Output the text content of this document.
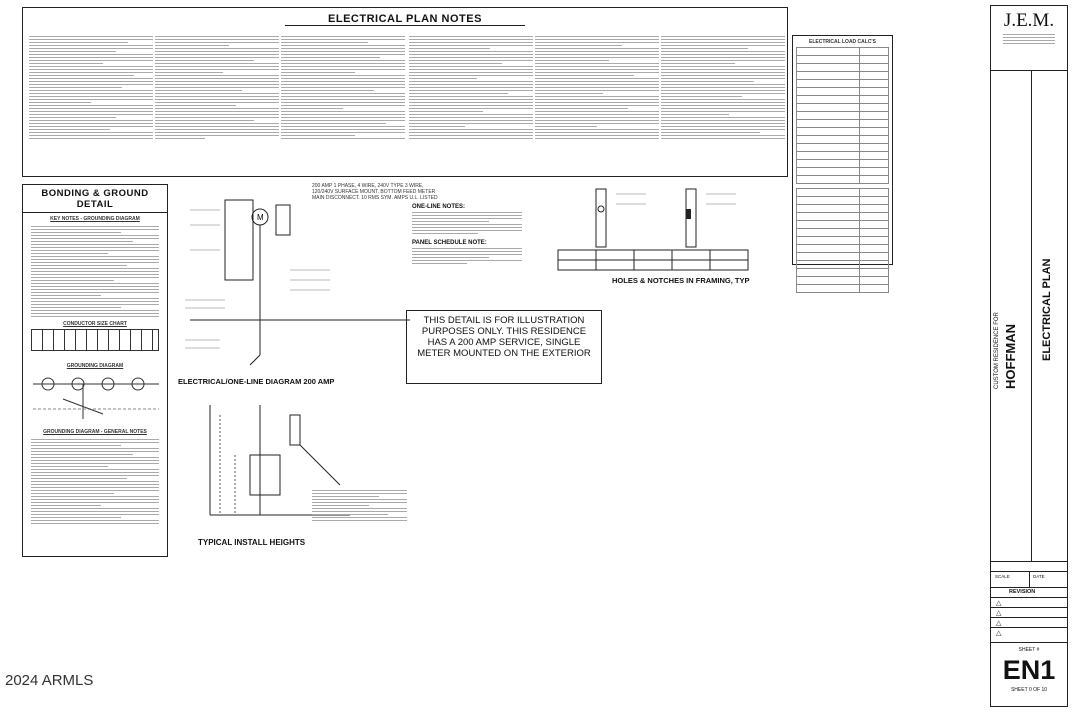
ELECTRICAL PLAN NOTES
BONDING & GROUND DETAIL
KEY NOTES - GROUNDING DIAGRAM
CONDUCTOR SIZE CHART
GROUNDING DIAGRAM
GROUNDING DIAGRAM - GENERAL NOTES
M
200 AMP 1 PHASE, 4 WIRE, 240V TYPE 3 WIRE, 120/240V SURFACE MOUNT. BOTTOM FEED METER MAIN DISCONNECT. 10 RMS SYM. AMPS U.L. LISTED
ELECTRICAL/ONE-LINE DIAGRAM 200 AMP
ONE-LINE NOTES:
PANEL SCHEDULE NOTE:
THIS DETAIL IS FOR ILLUSTRATION PURPOSES ONLY. THIS RESIDENCE HAS A 200 AMP SERVICE, SINGLE METER MOUNTED ON THE EXTERIOR
HOLES & NOTCHES IN FRAMING, TYP
TYPICAL INSTALL HEIGHTS
ELECTRICAL LOAD CALC'S

J.E.M.
CUSTOM RESIDENCE FOR HOFFMAN ELECTRICAL PLAN
SCALE	DATE
REVISION
△
△
△
△
SHEET #
EN1
SHEET 0 OF 10
2024 ARMLS
